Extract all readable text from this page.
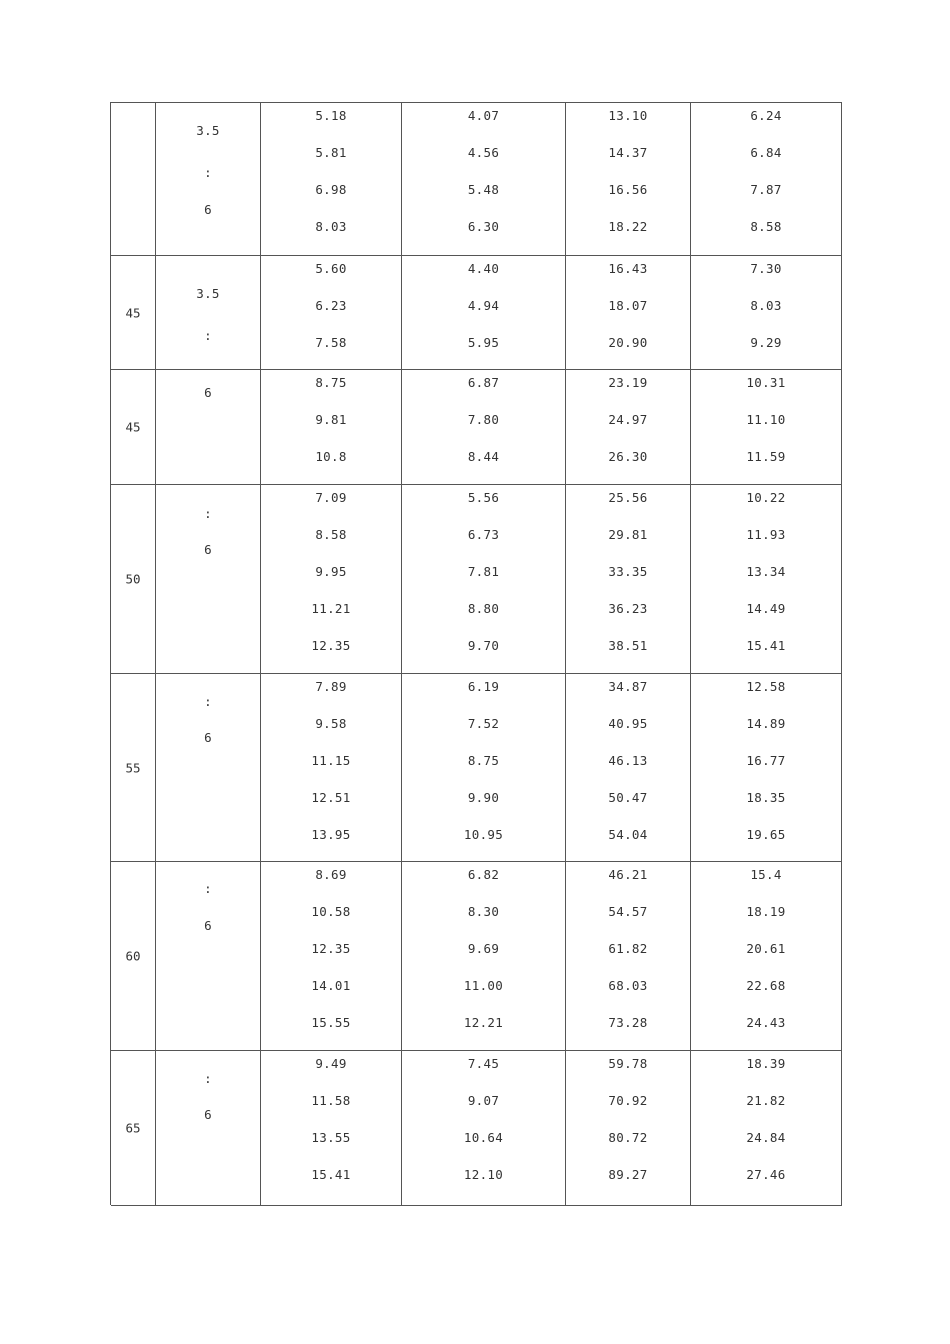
3.5
:
6
5.18
5.81
6.98
8.03
4.07
4.56
5.48
6.30
13.10
14.37
16.56
18.22
6.24
6.84
7.87
8.58
45
3.5
:
5.60
6.23
7.58
4.40
4.94
5.95
16.43
18.07
20.90
7.30
8.03
9.29
45
6
8.75
9.81
10.8
6.87
7.80
8.44
23.19
24.97
26.30
10.31
11.10
11.59
50
:
6
7.09
8.58
9.95
11.21
12.35
5.56
6.73
7.81
8.80
9.70
25.56
29.81
33.35
36.23
38.51
10.22
11.93
13.34
14.49
15.41
55
:
6
7.89
9.58
11.15
12.51
13.95
6.19
7.52
8.75
9.90
10.95
34.87
40.95
46.13
50.47
54.04
12.58
14.89
16.77
18.35
19.65
60
:
6
8.69
10.58
12.35
14.01
15.55
6.82
8.30
9.69
11.00
12.21
46.21
54.57
61.82
68.03
73.28
15.4
18.19
20.61
22.68
24.43
65
:
6
9.49
11.58
13.55
15.41
7.45
9.07
10.64
12.10
59.78
70.92
80.72
89.27
18.39
21.82
24.84
27.46
